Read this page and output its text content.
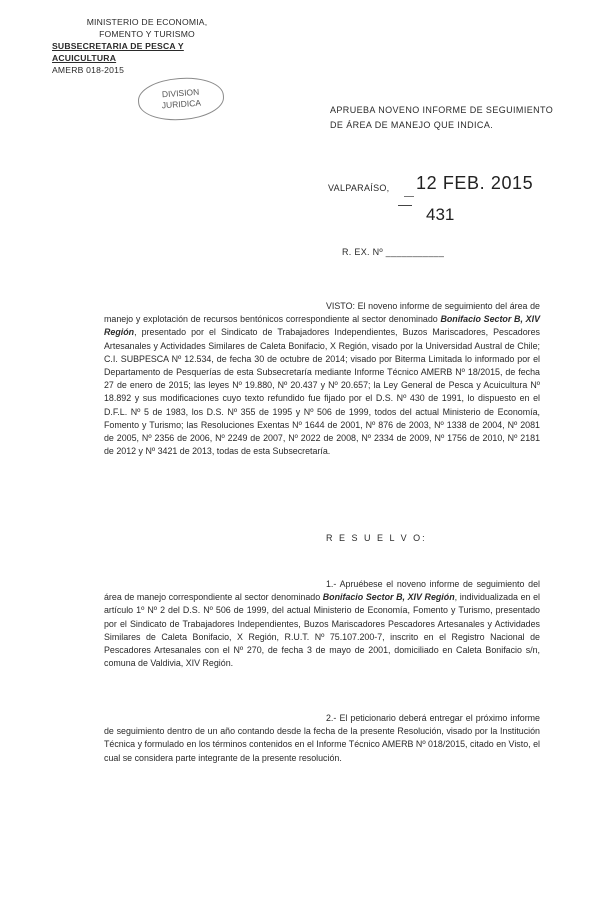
MINISTERIO DE ECONOMIA,
FOMENTO Y TURISMO
SUBSECRETARIA DE PESCA Y ACUICULTURA
AMERB 018-2015
DIVISION
JURIDICA	APRUEBA NOVENO INFORME DE SEGUIMIENTO DE ÁREA DE MANEJO QUE INDICA.
VALPARAÍSO, 12 FEB. 2015
431
R. EX. Nº ___________
VISTO: El noveno informe de seguimiento del área de manejo y explotación de recursos bentónicos correspondiente al sector denominado Bonifacio Sector B, XIV Región, presentado por el Sindicato de Trabajadores Independientes, Buzos Mariscadores, Pescadores Artesanales y Actividades Similares de Caleta Bonifacio, X Región, visado por la Universidad Austral de Chile; C.I. SUBPESCA Nº 12.534, de fecha 30 de octubre de 2014; visado por Biterma Limitada lo informado por el Departamento de Pesquerías de esta Subsecretaría mediante Informe Técnico AMERB Nº 18/2015, de fecha 27 de enero de 2015; las leyes Nº 19.880, Nº 20.437 y Nº 20.657; la Ley General de Pesca y Acuicultura Nº 18.892 y sus modificaciones cuyo texto refundido fue fijado por el D.S. Nº 430 de 1991, lo dispuesto en el D.F.L. Nº 5 de 1983, los D.S. Nº 355 de 1995 y Nº 506 de 1999, todos del actual Ministerio de Economía, Fomento y Turismo; las Resoluciones Exentas Nº 1644 de 2001, Nº 876 de 2003, Nº 1338 de 2004, Nº 2081 de 2005, Nº 2356 de 2006, Nº 2249 de 2007, Nº 2022 de 2008, Nº 2334 de 2009, Nº 1756 de 2010, Nº 2181 de 2012 y Nº 3421 de 2013, todas de esta Subsecretaría.
R E S U E L V O:
1.- Apruébese el noveno informe de seguimiento del área de manejo correspondiente al sector denominado Bonifacio Sector B, XIV Región, individualizada en el artículo 1º Nº 2 del D.S. Nº 506 de 1999, del actual Ministerio de Economía, Fomento y Turismo, presentado por el Sindicato de Trabajadores Independientes, Buzos Mariscadores Pescadores Artesanales y Actividades Similares de Caleta Bonifacio, X Región, R.U.T. Nº 75.107.200-7, inscrito en el Registro Nacional de Pescadores Artesanales con el Nº 270, de fecha 3 de mayo de 2001, domiciliado en Caleta Bonifacio s/n, comuna de Valdivia, XIV Región.
2.- El peticionario deberá entregar el próximo informe de seguimiento dentro de un año contando desde la fecha de la presente Resolución, visado por la Institución Técnica y formulado en los términos contenidos en el Informe Técnico AMERB Nº 018/2015, citado en Visto, el cual se considera parte integrante de la presente resolución.
